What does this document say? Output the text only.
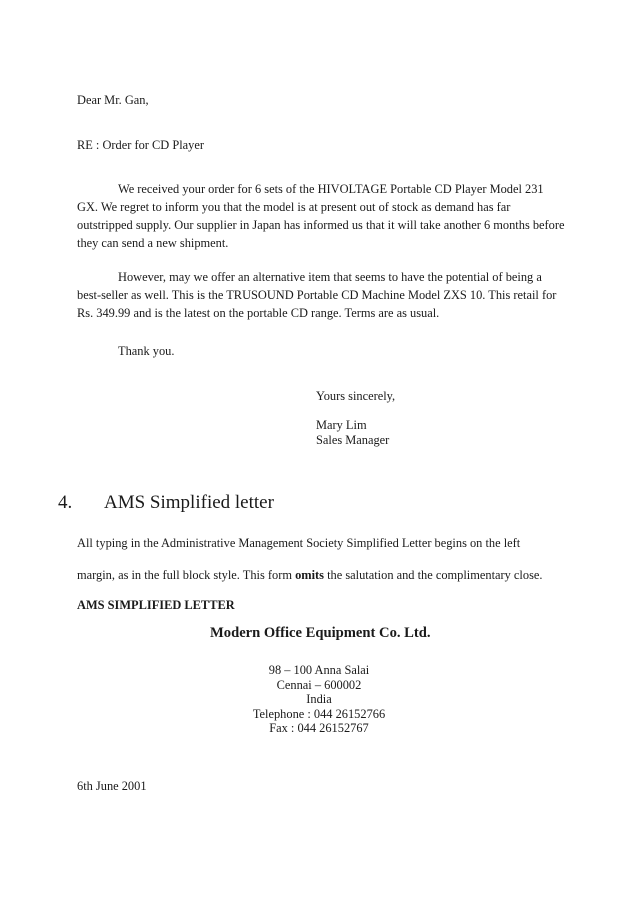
Dear Mr. Gan,
RE : Order for CD Player
We received your order for 6 sets of the HIVOLTAGE Portable CD Player Model 231 GX. We regret to inform you that the model is at present out of stock as demand has far outstripped supply. Our supplier in Japan has informed us that it will take another 6 months before they can send a new shipment.
However, may we offer an alternative item that seems to have the potential of being a best-seller as well. This is the TRUSOUND Portable CD Machine Model ZXS 10. This retail for Rs. 349.99 and is the latest on the portable CD range. Terms are as usual.
Thank you.
Yours sincerely,
Mary Lim
Sales Manager
4. AMS Simplified letter
All typing in the Administrative Management Society Simplified Letter begins on the left
margin, as in the full block style. This form omits the salutation and the complimentary close.
AMS SIMPLIFIED LETTER
Modern Office Equipment Co. Ltd.
98 – 100 Anna Salai
Cennai – 600002
India
Telephone : 044 26152766
Fax : 044 26152767
6th June 2001
